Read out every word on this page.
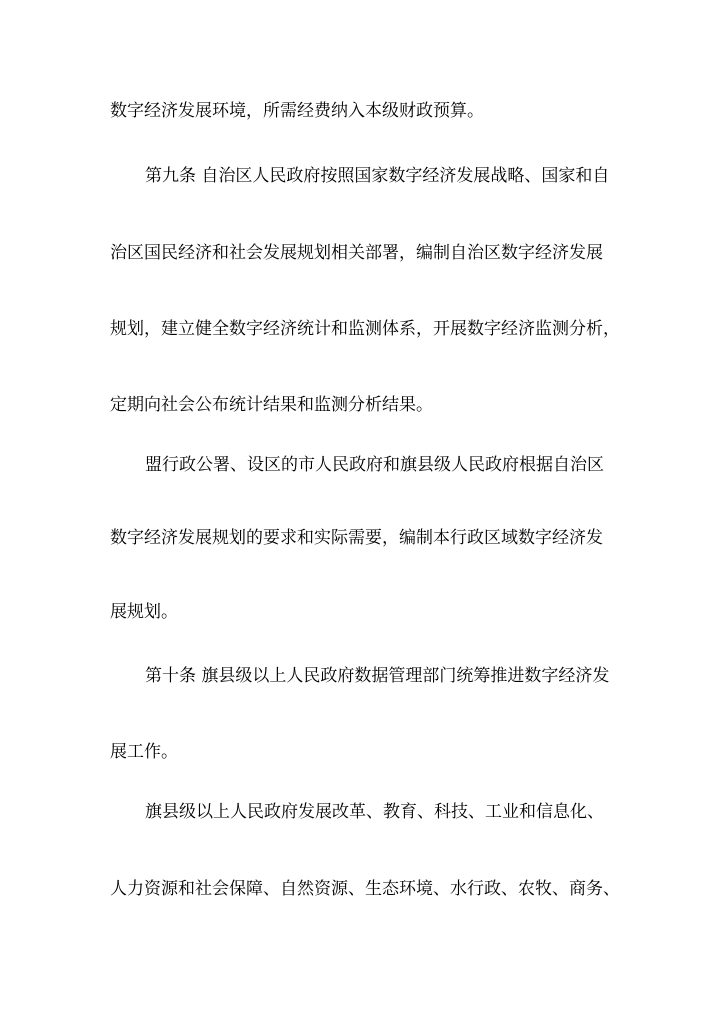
数字经济发展环境，所需经费纳入本级财政预算。
第九条 自治区人民政府按照国家数字经济发展战略、国家和自
治区国民经济和社会发展规划相关部署，编制自治区数字经济发展
规划，建立健全数字经济统计和监测体系，开展数字经济监测分析，
定期向社会公布统计结果和监测分析结果。
盟行政公署、设区的市人民政府和旗县级人民政府根据自治区
数字经济发展规划的要求和实际需要，编制本行政区域数字经济发
展规划。
第十条 旗县级以上人民政府数据管理部门统筹推进数字经济发
展工作。
旗县级以上人民政府发展改革、教育、科技、工业和信息化、
人力资源和社会保障、自然资源、生态环境、水行政、农牧、商务、
